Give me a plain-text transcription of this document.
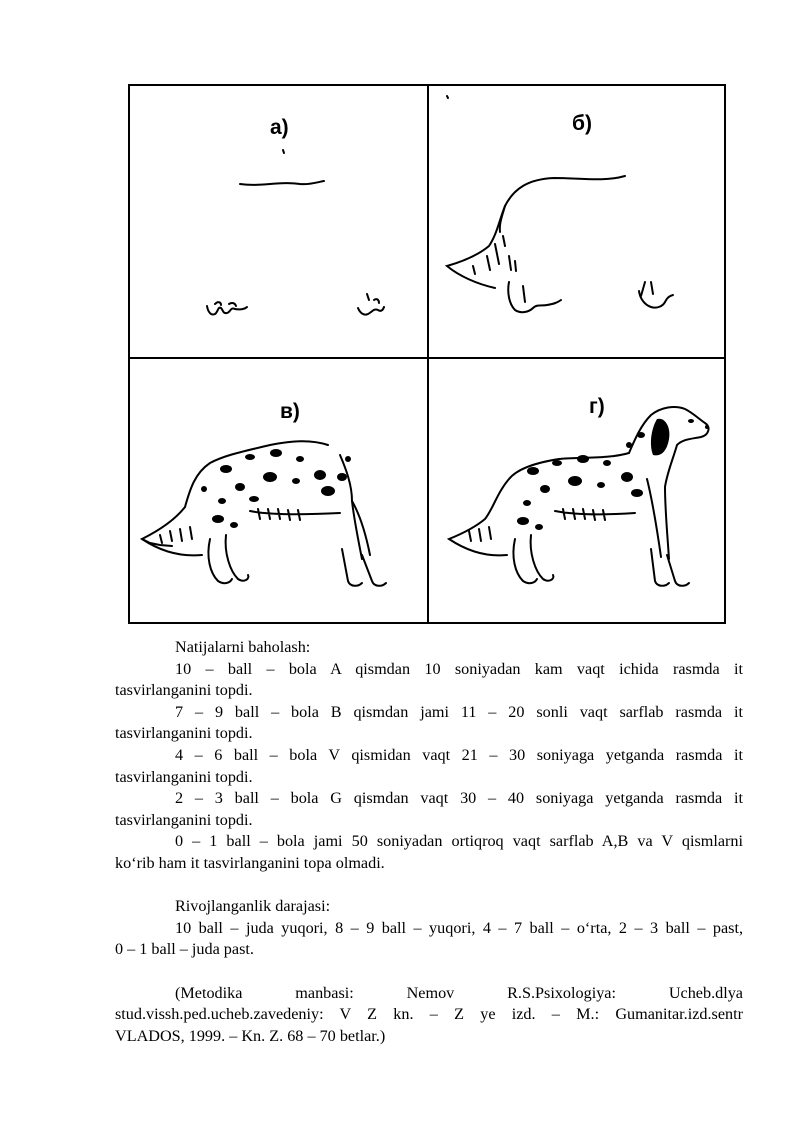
а)	б)
в)	г)

Natijalarni baholash:

10 – ball – bola A qismdan 10 soniyadan kam vaqt ichida rasmda it

tasvirlanganini topdi.

7 – 9 ball – bola B qismdan jami 11 – 20 sonli vaqt sarflab rasmda it

tasvirlanganini topdi.

4 – 6 ball – bola V qismidan vaqt 21 – 30 soniyaga yetganda rasmda it

tasvirlanganini topdi.

2 – 3 ball – bola G qismdan vaqt 30 – 40 soniyaga yetganda rasmda it

tasvirlanganini topdi.

0 – 1 ball – bola jami 50 soniyadan ortiqroq vaqt sarflab A,B va V qismlarni

ko‘rib ham it tasvirlanganini topa olmadi.

Rivojlanganlik darajasi:

10 ball – juda yuqori, 8 – 9 ball – yuqori, 4 – 7 ball – o‘rta, 2 – 3 ball – past,

0 – 1 ball – juda past.

(Metodika manbasi: Nemov R.S.Psixologiya: Ucheb.dlya

stud.vissh.ped.ucheb.zavedeniy: V Z kn. – Z ye izd. – M.: Gumanitar.izd.sentr

VLADOS, 1999. – Kn. Z. 68 – 70 betlar.)
